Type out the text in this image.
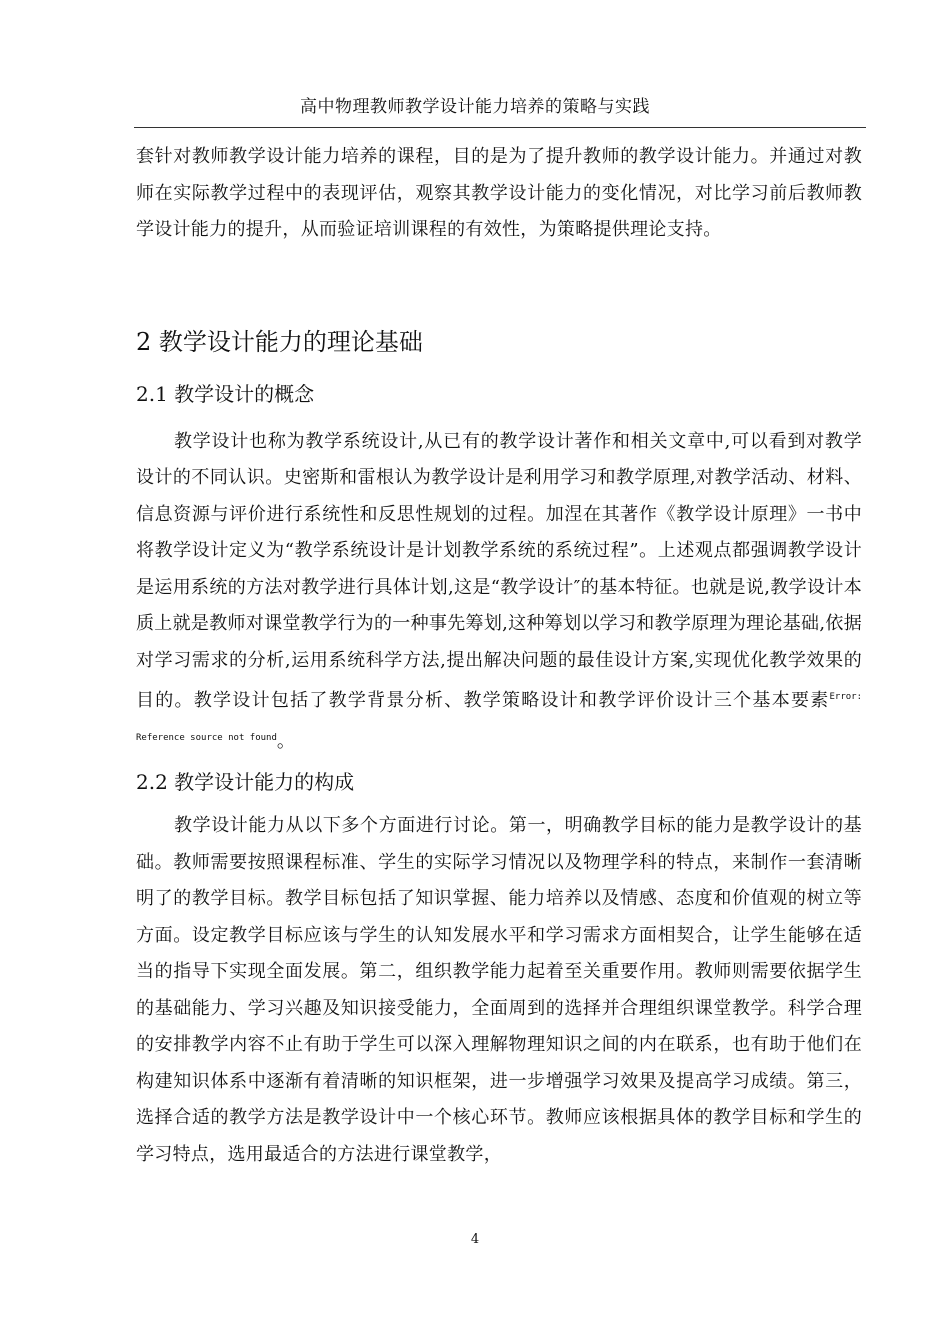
高中物理教师教学设计能力培养的策略与实践

套针对教师教学设计能力培养的课程，目的是为了提升教师的教学设计能力。并通过对教师在实际教学过程中的表现评估，观察其教学设计能力的变化情况，对比学习前后教师教学设计能力的提升，从而验证培训课程的有效性，为策略提供理论支持。

2 教学设计能力的理论基础
2.1 教学设计的概念

教学设计也称为教学系统设计,从已有的教学设计著作和相关文章中,可以看到对教学设计的不同认识。史密斯和雷根认为教学设计是利用学习和教学原理,对教学活动、材料、信息资源与评价进行系统性和反思性规划的过程。加涅在其著作《教学设计原理》一书中将教学设计定义为“教学系统设计是计划教学系统的系统过程”。上述观点都强调教学设计是运用系统的方法对教学进行具体计划,这是“教学设计″的基本特征。也就是说,教学设计本质上就是教师对课堂教学行为的一种事先筹划,这种筹划以学习和教学原理为理论基础,依据对学习需求的分析,运用系统科学方法,提出解决问题的最佳设计方案,实现优化教学效果的目的。教学设计包括了教学背景分析、教学策略设计和教学评价设计三个基本要素$^{Error: Reference source not found}$。

2.2 教学设计能力的构成

教学设计能力从以下多个方面进行讨论。第一，明确教学目标的能力是教学设计的基础。教师需要按照课程标准、学生的实际学习情况以及物理学科的特点，来制作一套清晰明了的教学目标。教学目标包括了知识掌握、能力培养以及情感、态度和价值观的树立等方面。设定教学目标应该与学生的认知发展水平和学习需求方面相契合，让学生能够在适当的指导下实现全面发展。第二，组织教学能力起着至关重要作用。教师则需要依据学生的基础能力、学习兴趣及知识接受能力，全面周到的选择并合理组织课堂教学。科学合理的安排教学内容不止有助于学生可以深入理解物理知识之间的内在联系，也有助于他们在构建知识体系中逐渐有着清晰的知识框架，进一步增强学习效果及提高学习成绩。第三，选择合适的教学方法是教学设计中一个核心环节。教师应该根据具体的教学目标和学生的学习特点，选用最适合的方法进行课堂教学，

4
